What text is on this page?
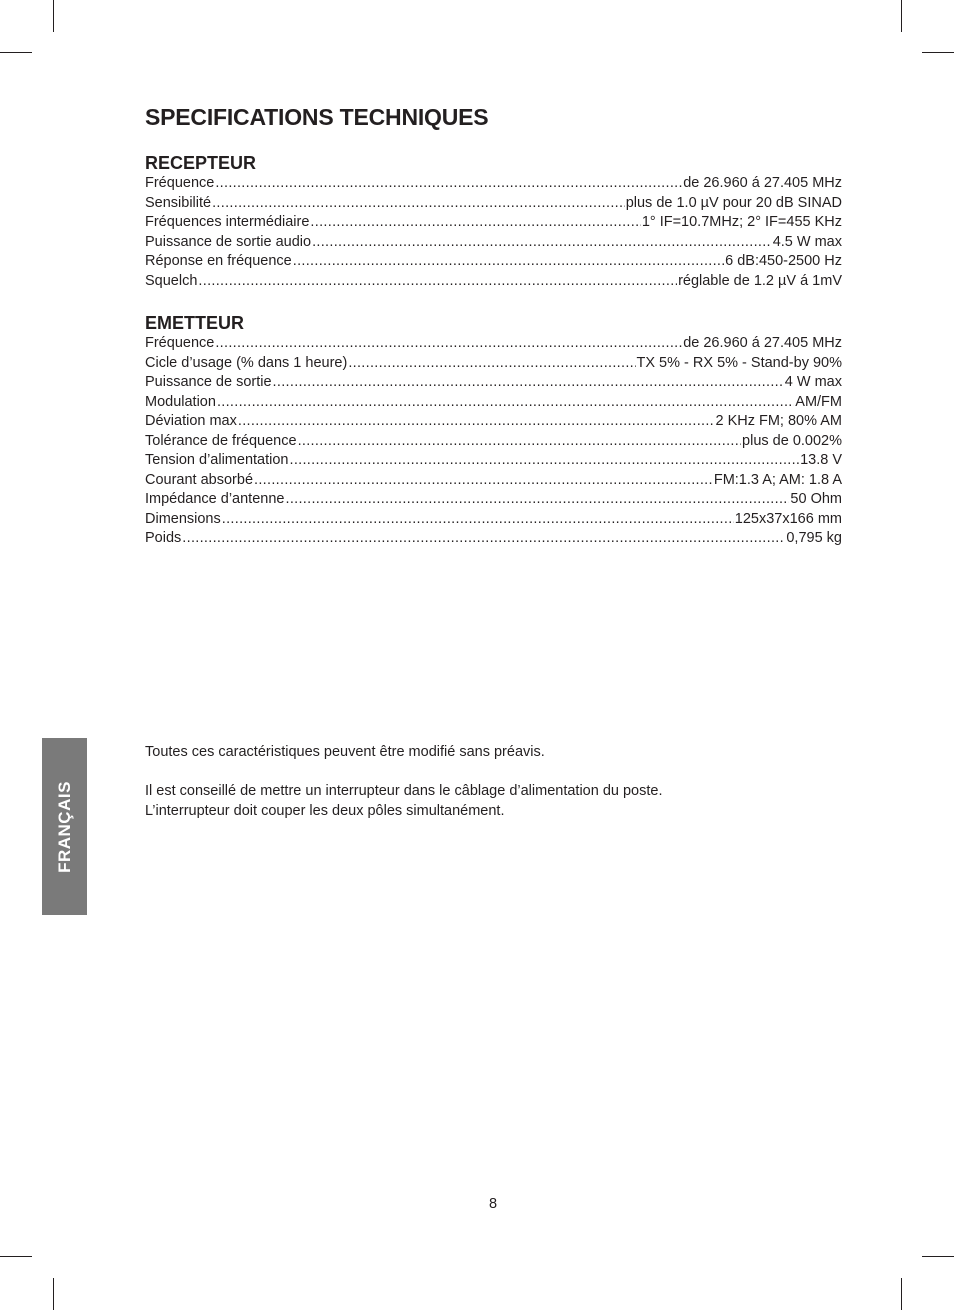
FRANÇAIS
SPECIFICATIONS TECHNIQUES
RECEPTEUR
Fréquence .....	de 26.960 á 27.405 MHz
Sensibilité .....	plus de 1.0 µV pour 20 dB SINAD
Fréquences intermédiaire .....	1° IF=10.7MHz; 2° IF=455 KHz
Puissance de sortie audio .....	4.5 W max
Réponse en fréquence .....	6 dB:450-2500 Hz
Squelch .....	réglable de 1.2 µV á 1mV
EMETTEUR
Fréquence .....	de 26.960 á 27.405 MHz
Cicle d’usage (% dans 1 heure) .....	TX 5% - RX 5% - Stand-by 90%
Puissance de sortie .....	4 W max
Modulation .....	AM/FM
Déviation max .....	2 KHz FM; 80% AM
Tolérance de fréquence .....	plus de 0.002%
Tension d’alimentation .....	13.8 V
Courant absorbé .....	FM:1.3 A; AM: 1.8 A
Impédance d’antenne .....	50 Ohm
Dimensions .....	125x37x166 mm
Poids .....	0,795 kg

Toutes ces caractéristiques peuvent être modifié sans préavis.

Il est conseillé de mettre un interrupteur dans le câblage d’alimentation du poste.

L’interrupteur doit couper les deux pôles simultanément.

8
